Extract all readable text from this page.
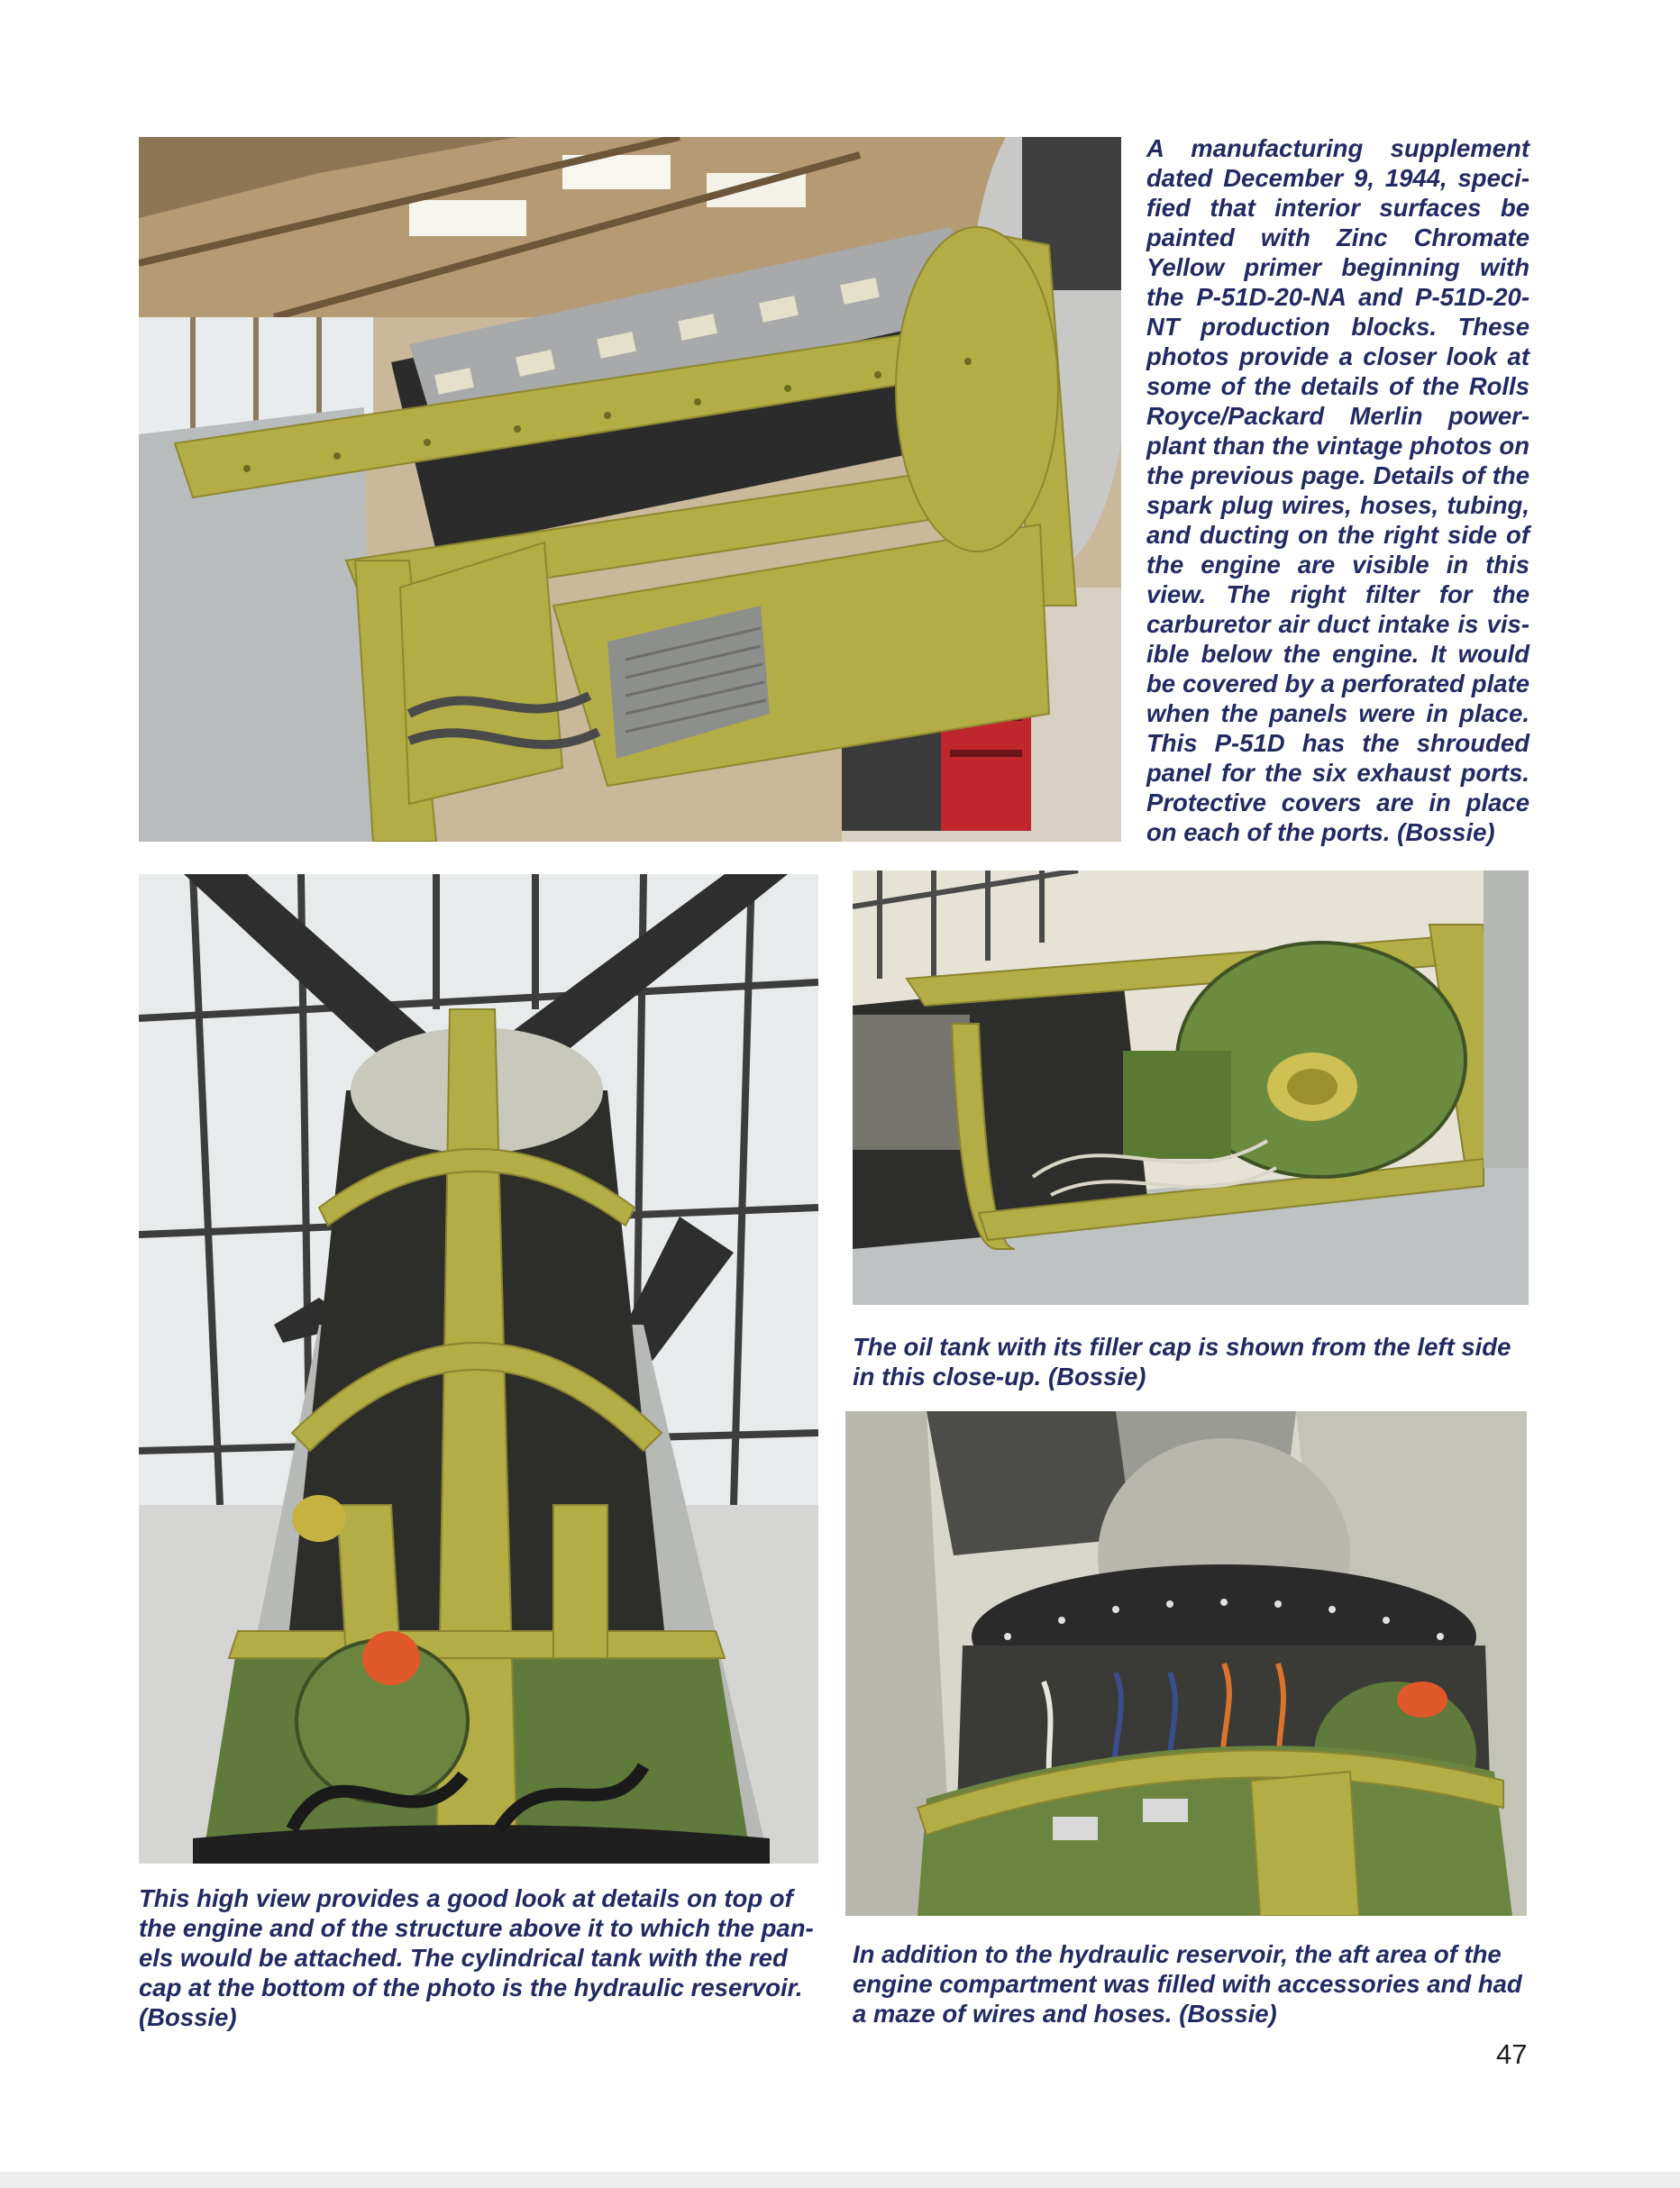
A manufacturing supplement dated December 9, 1944, specified that interior surfaces be painted with Zinc Chromate Yellow primer beginning with the P-51D-20-NA and P-51D-20-NT production blocks. These photos provide a closer look at some of the details of the Rolls Royce/Packard Merlin powerplant than the vintage photos on the previous page. Details of the spark plug wires, hoses, tubing, and ducting on the right side of the engine are visible in this view. The right filter for the carburetor air duct intake is visible below the engine. It would be covered by a perforated plate when the panels were in place. This P-51D has the shrouded panel for the six exhaust ports. Protective covers are in place on each of the ports. (Bossie)

This high view provides a good look at details on top of the engine and of the structure above it to which the panels would be attached. The cylindrical tank with the red cap at the bottom of the photo is the hydraulic reservoir. (Bossie)

The oil tank with its filler cap is shown from the left side in this close-up. (Bossie)

In addition to the hydraulic reservoir, the aft area of the engine compartment was filled with accessories and had a maze of wires and hoses. (Bossie)

47
